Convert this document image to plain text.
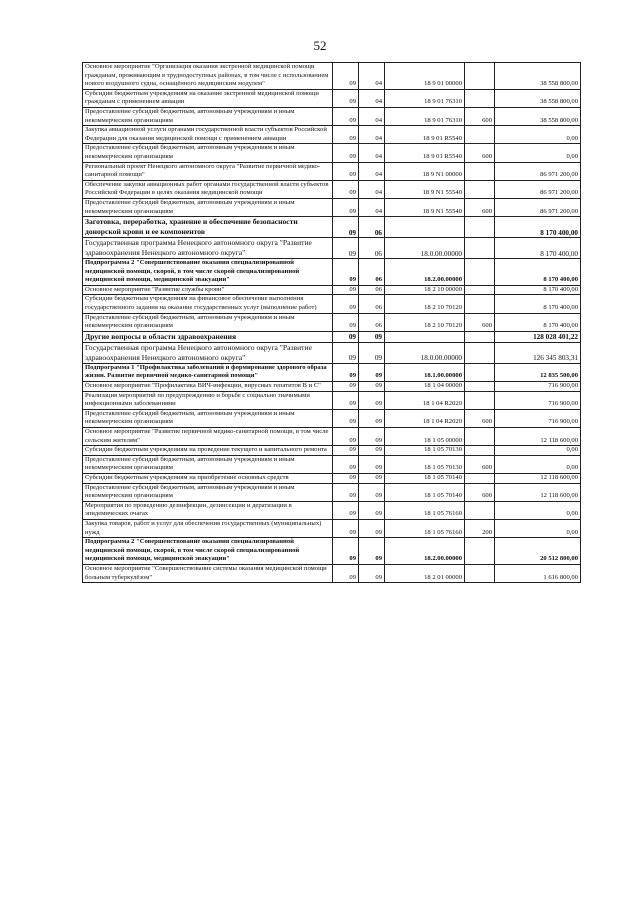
52
Основное мероприятие "Организация оказания экстренной медицинской помощи гражданам, проживающим в труднодоступных районах, в том числе с использованием нового воздушного судна, оснащённого медицинским модулем"	09	04	18 9 01 00000		38 558 800,00
Субсидии бюджетным учреждениям на оказание экстренной медицинской помощи гражданам с применением авиации	09	04	18 9 01 76310		38 558 800,00
Предоставление субсидий бюджетным, автономным учреждениям и иным некоммерческим организациям	09	04	18 9 01 76310	600	38 558 800,00
Закупка авиационной услуги органами государственной власти субъектов Российской Федерации для оказания медицинской помощи с применением авиации	09	04	18 9 01 R5540		0,00
Предоставление субсидий бюджетным, автономным учреждениям и иным некоммерческим организациям	09	04	18 9 01 R5540	600	0,00
Региональный проект Ненецкого автономного округа "Развитие первичной медико-санитарной помощи"	09	04	18 9 N1 00000		86 971 200,00
Обеспечение закупки авиационных работ органами государственной власти субъектов Российской Федерации в целях оказания медицинской помощи	09	04	18 9 N1 55540		86 971 200,00
Предоставление субсидий бюджетным, автономным учреждениям и иным некоммерческим организациям	09	04	18 9 N1 55540	600	86 971 200,00
Заготовка, переработка, хранение и обеспечение безопасности донорской крови и ее компонентов	09	06			8 170 400,00
Государственная программа Ненецкого автономного округа "Развитие здравоохранения Ненецкого автономного округа"	09	06	18.0.00.00000		8 170 400,00
Подпрограмма 2 "Совершенствование оказания специализированной медицинской помощи, скорой, в том числе скорой специализированной медицинской помощи, медицинской эвакуации"	09	06	18.2.00.00000		8 170 400,00
Основное мероприятие "Развитие службы крови"	09	06	18 2 10 00000		8 170 400,00
Субсидии бюджетным учреждениям на финансовое обеспечение выполнения государственного задания на оказание государственных услуг (выполнение работ)	09	06	18 2 10 70120		8 170 400,00
Предоставление субсидий бюджетным, автономным учреждениям и иным некоммерческим организациям	09	06	18 2 10 70120	600	8 170 400,00
Другие вопросы в области здравоохранения	09	09			128 028 401,22
Государственная программа Ненецкого автономного округа "Развитие здравоохранения Ненецкого автономного округа"	09	09	18.0.00.00000		126 345 803,31
Подпрограмма 1 "Профилактика заболеваний и формирование здорового образа жизни. Развитие первичной медико-санитарной помощи"	09	09	18.1.00.00000		12 835 500,00
Основное мероприятие "Профилактика ВИЧ-инфекции, вирусных гепатитов В и С"	09	09	18 1 04 00000		716 900,00
Реализация мероприятий по предупреждению и борьбе с социально значимыми инфекционными заболеваниями	09	09	18 1 04 R2020		716 900,00
Предоставление субсидий бюджетным, автономным учреждениям и иным некоммерческим организациям	09	09	18 1 04 R2020	600	716 900,00
Основное мероприятие "Развитие первичной медико-санитарной помощи, в том числе сельским жителям"	09	09	18 1 05 00000		12 118 600,00
Субсидии бюджетным учреждениям на проведение текущего и капитального ремонта	09	09	18 1 05 70130		0,00
Предоставление субсидий бюджетным, автономным учреждениям и иным некоммерческим организациям	09	09	18 1 05 70130	600	0,00
Субсидии бюджетным учреждениям на приобретение основных средств	09	09	18 1 05 70140		12 118 600,00
Предоставление субсидий бюджетным, автономным учреждениям и иным некоммерческим организациям	09	09	18 1 05 70140	600	12 118 600,00
Мероприятия по проведению дезинфекции, дезинсекции и дератизации в эпидемических очагах	09	09	18 1 05 76160		0,00
Закупка товаров, работ и услуг для обеспечения государственных (муниципальных) нужд	09	09	18 1 05 76160	200	0,00
Подпрограмма 2 "Совершенствование оказания специализированной медицинской помощи, скорой, в том числе скорой специализированной медицинской помощи, медицинской эвакуации"	09	09	18.2.00.00000		20 512 800,00
Основное мероприятие "Совершенствование системы оказания медицинской помощи больным туберкулёзом"	09	09	18 2 01 00000		1 616 800,00
